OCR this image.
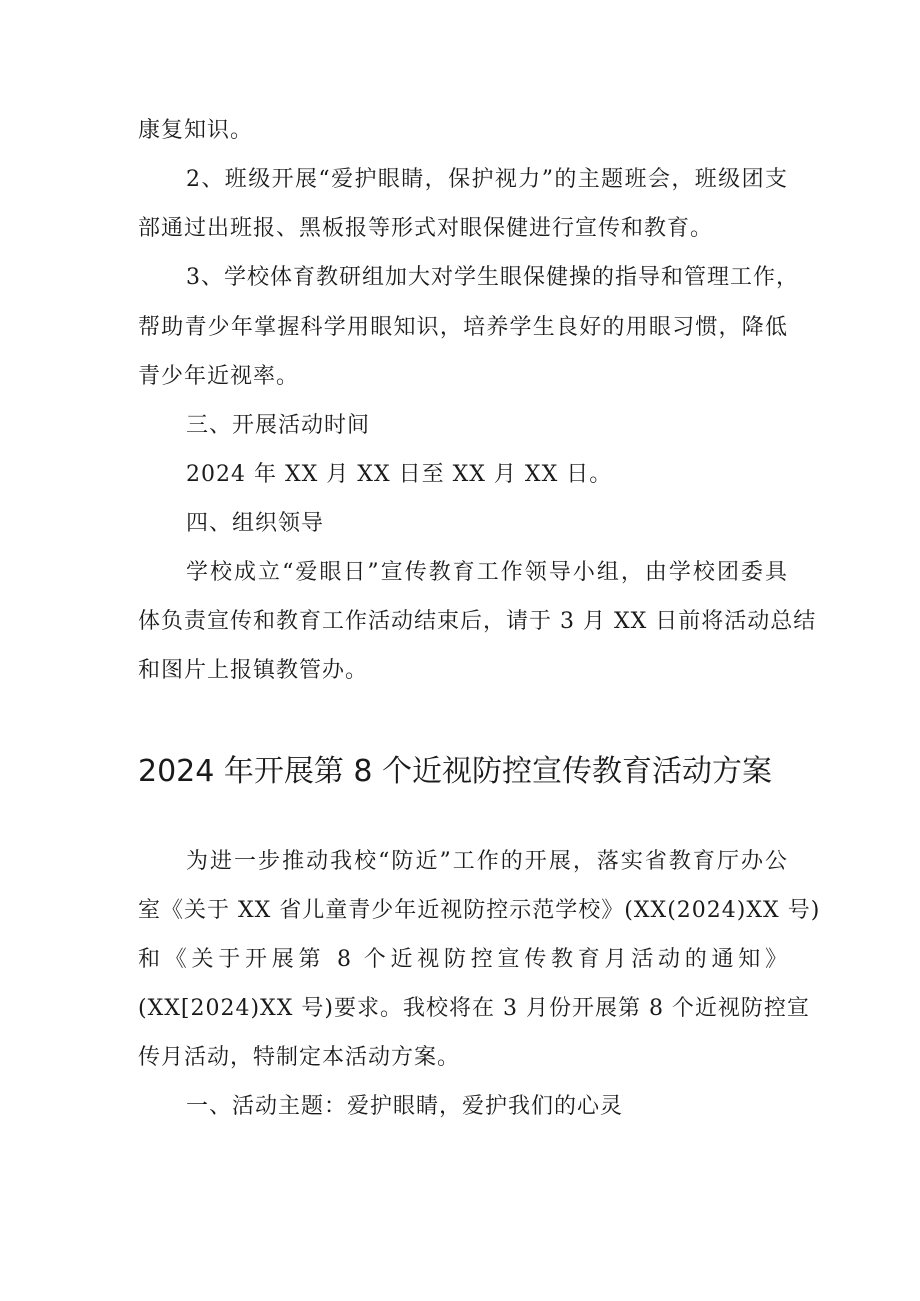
康复知识。
2、班级开展“爱护眼睛，保护视力”的主题班会，班级团支
部通过出班报、黑板报等形式对眼保健进行宣传和教育。
3、学校体育教研组加大对学生眼保健操的指导和管理工作，
帮助青少年掌握科学用眼知识，培养学生良好的用眼习惯，降低
青少年近视率。
三、开展活动时间
2024 年 XX 月 XX 日至 XX 月 XX 日。
四、组织领导
学校成立“爱眼日”宣传教育工作领导小组，由学校团委具
体负责宣传和教育工作活动结束后，请于 3 月 XX 日前将活动总结
和图片上报镇教管办。
2024 年开展第 8 个近视防控宣传教育活动方案
为进一步推动我校“防近”工作的开展，落实省教育厅办公
室《关于 XX 省儿童青少年近视防控示范学校》(XX(2024)XX 号)
和《关于开展第 8 个近视防控宣传教育月活动的通知》
(XX[2024)XX 号)要求。我校将在 3 月份开展第 8 个近视防控宣
传月活动，特制定本活动方案。
一、活动主题：爱护眼睛，爱护我们的心灵
